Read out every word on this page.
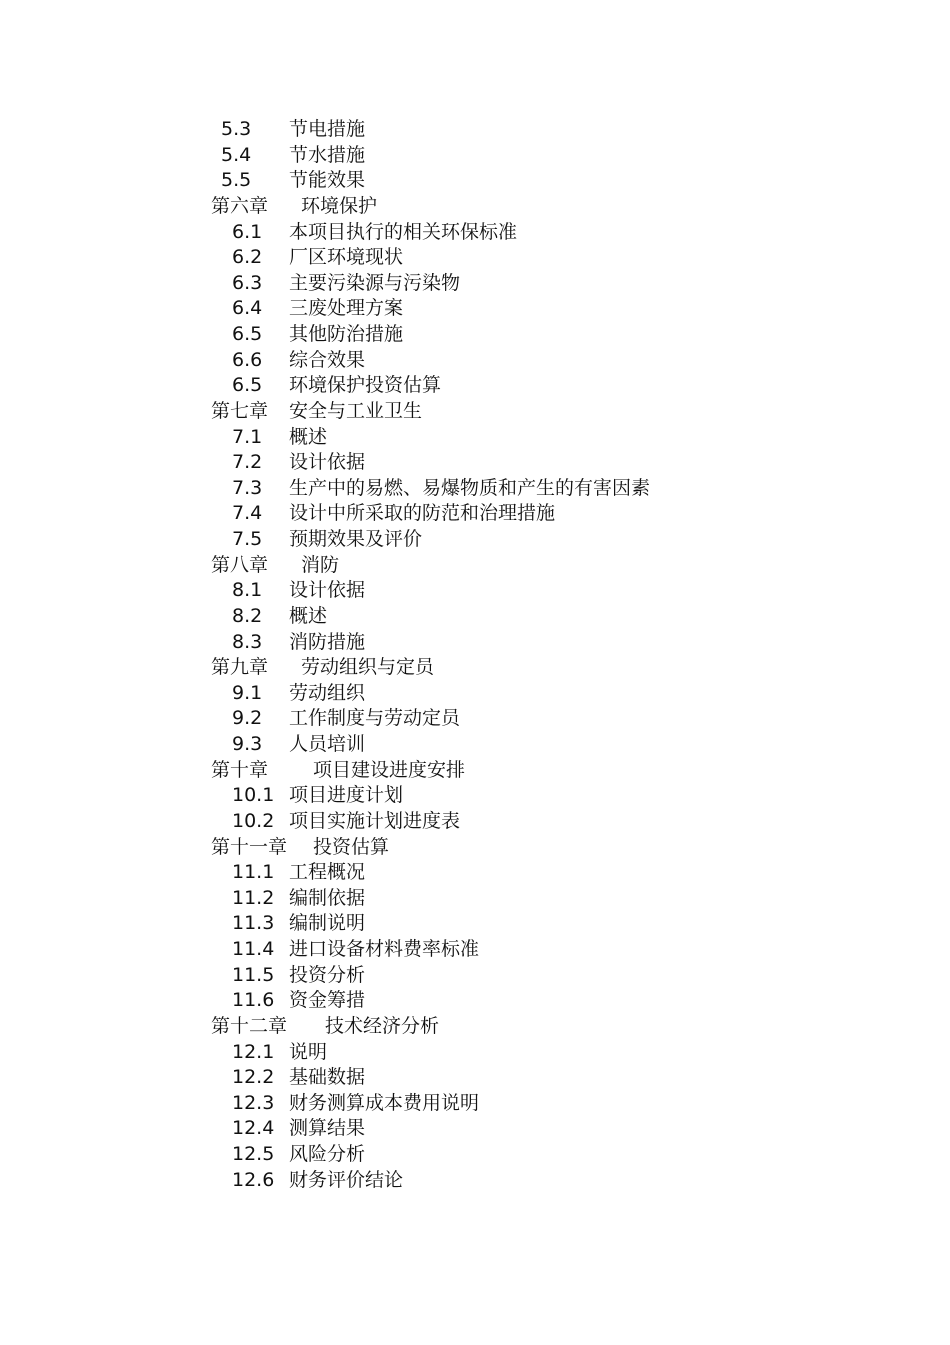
5.3 节电措施
5.4 节水措施
5.5 节能效果
第六章 环境保护
6.1 本项目执行的相关环保标准
6.2 厂区环境现状
6.3 主要污染源与污染物
6.4 三废处理方案
6.5 其他防治措施
6.6 综合效果
6.5 环境保护投资估算
第七章 安全与工业卫生
7.1 概述
7.2 设计依据
7.3 生产中的易燃、易爆物质和产生的有害因素
7.4 设计中所采取的防范和治理措施
7.5 预期效果及评价
第八章 消防
8.1 设计依据
8.2 概述
8.3 消防措施
第九章 劳动组织与定员
9.1 劳动组织
9.2 工作制度与劳动定员
9.3 人员培训
第十章 项目建设进度安排
10.1 项目进度计划
10.2 项目实施计划进度表
第十一章 投资估算
11.1 工程概况
11.2 编制依据
11.3 编制说明
11.4 进口设备材料费率标准
11.5 投资分析
11.6 资金筹措
第十二章 技术经济分析
12.1 说明
12.2 基础数据
12.3 财务测算成本费用说明
12.4 测算结果
12.5 风险分析
12.6 财务评价结论
